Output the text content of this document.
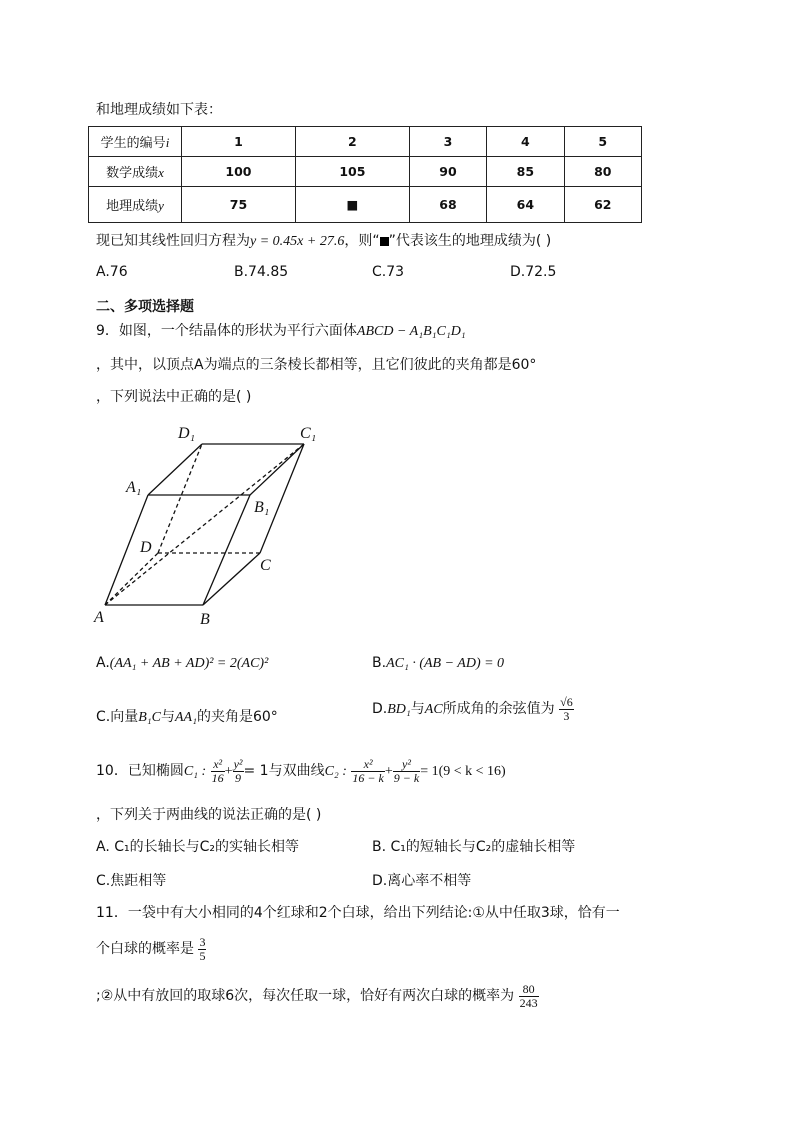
和地理成绩如下表：
学生的编号i	1	2	3	4	5
数学成绩x	100	105	90	85	80
地理成绩y	75	■	68	64	62
现已知其线性回归方程为y = 0.45x + 27.6，则“ ”代表该生的地理成绩为( )
A.76	B.74.85	C.73	D.72.5
二、多项选择题
9．如图，一个结晶体的形状为平行六面体ABCD − A₁B₁C₁D₁
，其中，以顶点A为端点的三条棱长都相等，且它们彼此的夹角都是60°
，下列说法中正确的是( )
D₁	C₁
A₁
B₁
D
C
A	B
A.(AA₁ + AB + AD)² = 2(AC)²	B.AC₁ · (AB − AD) = 0
C.向量B₁C与AA₁的夹角是60°	D.BD₁与AC所成角的余弦值为 $\frac{√6}{3}$
10．已知椭圆C₁ : $\frac{\text{x²}}{16} + \frac{\text{y²}}{9} = 1$与双曲线C₂ : $\frac{\text{x²}}{16 - k} + \frac{\text{y²}}{9 - k} = 1(9 < k < 16)$
，下列关于两曲线的说法正确的是( )
A. C₁的长轴长与C₂的实轴长相等	B. C₁的短轴长与C₂的虚轴长相等
C.焦距相等	D.离心率不相等
11．一袋中有大小相同的4个红球和2个白球，给出下列结论:①从中任取3球，恰有一
个白球的概率是 $\frac{3}{5}$
;②从中有放回的取球6次，每次任取一球，恰好有两次白球的概率为 $\frac{80}{243}$
